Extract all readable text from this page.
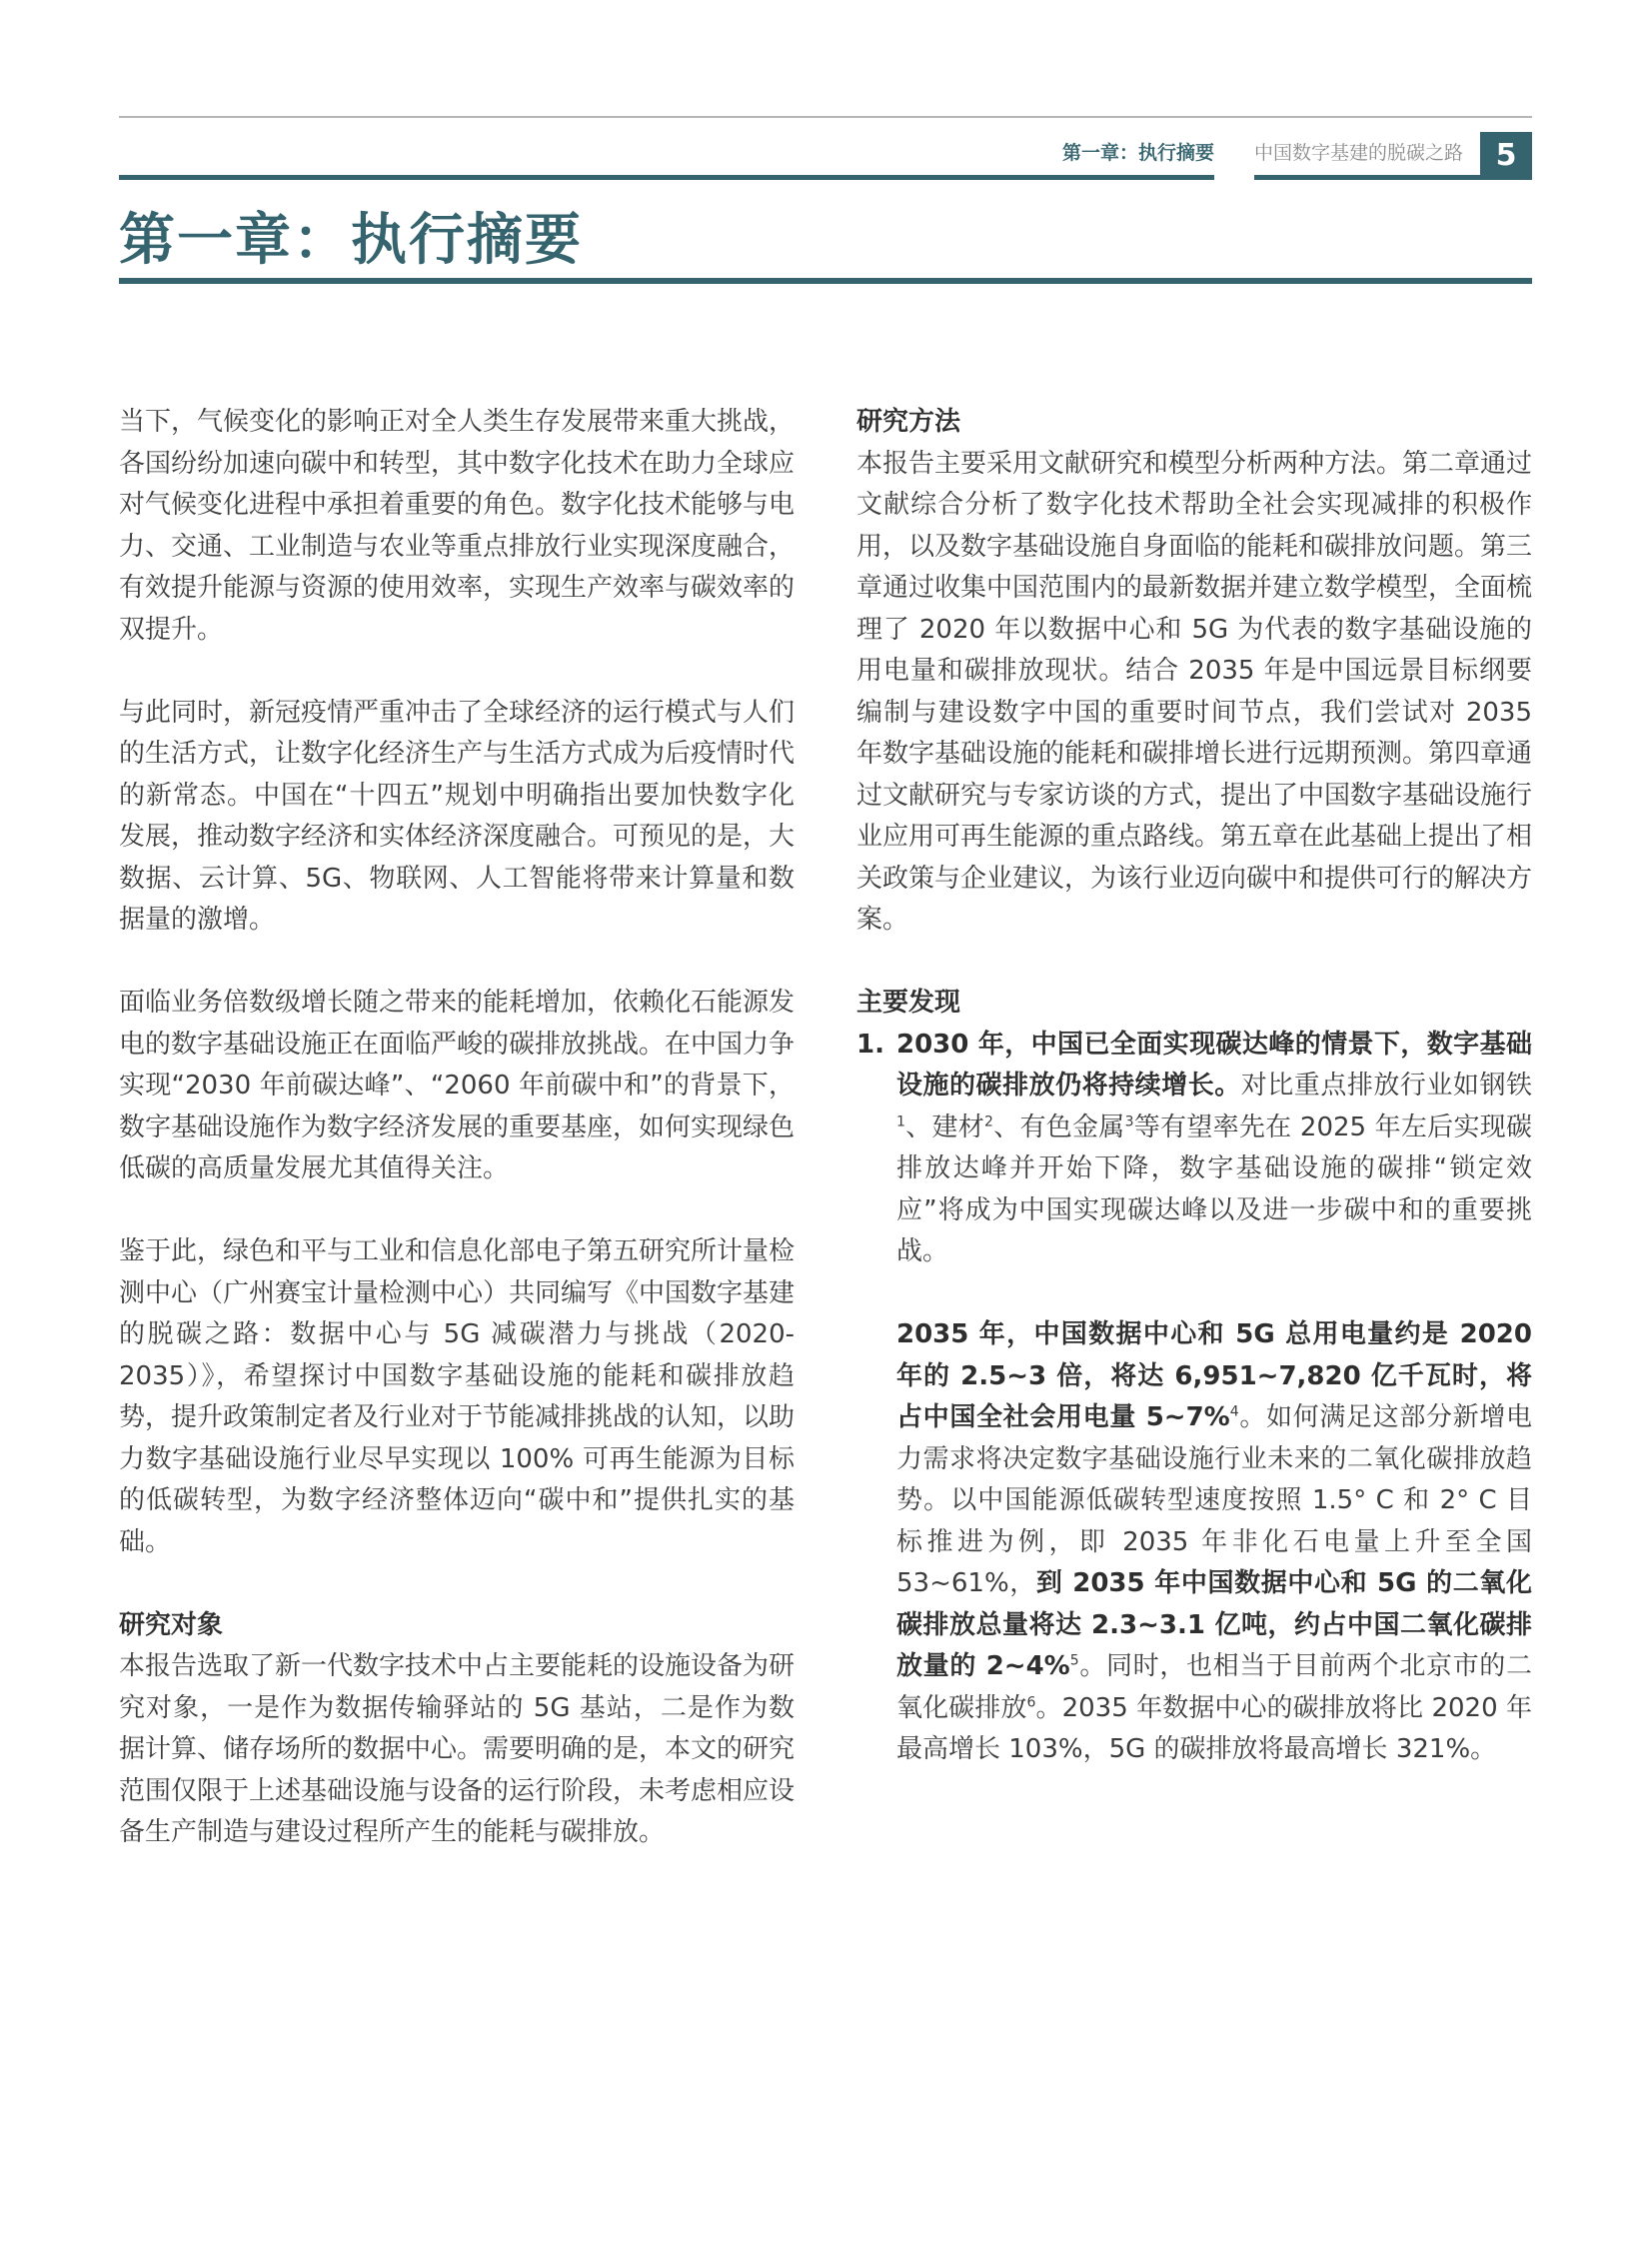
第一章：执行摘要 中国数字基建的脱碳之路	5
第一章：执行摘要

当下，气候变化的影响正对全人类生存发展带来重大挑战，各国纷纷加速向碳中和转型，其中数字化技术在助力全球应对气候变化进程中承担着重要的角色。数字化技术能够与电力、交通、工业制造与农业等重点排放行业实现深度融合，有效提升能源与资源的使用效率，实现生产效率与碳效率的双提升。

与此同时，新冠疫情严重冲击了全球经济的运行模式与人们的生活方式，让数字化经济生产与生活方式成为后疫情时代的新常态。中国在“十四五”规划中明确指出要加快数字化发展，推动数字经济和实体经济深度融合。可预见的是，大数据、云计算、5G、物联网、人工智能将带来计算量和数据量的激增。

面临业务倍数级增长随之带来的能耗增加，依赖化石能源发电的数字基础设施正在面临严峻的碳排放挑战。在中国力争实现“2030 年前碳达峰”、“2060 年前碳中和”的背景下，数字基础设施作为数字经济发展的重要基座，如何实现绿色低碳的高质量发展尤其值得关注。

鉴于此，绿色和平与工业和信息化部电子第五研究所计量检测中心（广州赛宝计量检测中心）共同编写《中国数字基建的脱碳之路：数据中心与 5G 减碳潜力与挑战（2020-2035）》，希望探讨中国数字基础设施的能耗和碳排放趋势，提升政策制定者及行业对于节能减排挑战的认知，以助力数字基础设施行业尽早实现以 100% 可再生能源为目标的低碳转型，为数字经济整体迈向“碳中和”提供扎实的基础。

研究对象

本报告选取了新一代数字技术中占主要能耗的设施设备为研究对象，一是作为数据传输驿站的 5G 基站，二是作为数据计算、储存场所的数据中心。需要明确的是，本文的研究范围仅限于上述基础设施与设备的运行阶段，未考虑相应设备生产制造与建设过程所产生的能耗与碳排放。

研究方法

本报告主要采用文献研究和模型分析两种方法。第二章通过文献综合分析了数字化技术帮助全社会实现减排的积极作用，以及数字基础设施自身面临的能耗和碳排放问题。第三章通过收集中国范围内的最新数据并建立数学模型，全面梳理了 2020 年以数据中心和 5G 为代表的数字基础设施的用电量和碳排放现状。结合 2035 年是中国远景目标纲要编制与建设数字中国的重要时间节点，我们尝试对 2035 年数字基础设施的能耗和碳排增长进行远期预测。第四章通过文献研究与专家访谈的方式，提出了中国数字基础设施行业应用可再生能源的重点路线。第五章在此基础上提出了相关政策与企业建议，为该行业迈向碳中和提供可行的解决方案。

主要发现
1. 2030 年，中国已全面实现碳达峰的情景下，数字基础设施的碳排放仍将持续增长。对比重点排放行业如钢铁$^1$、建材$^2$、有色金属$^3$等有望率先在 2025 年左后实现碳排放达峰并开始下降，数字基础设施的碳排“锁定效应”将成为中国实现碳达峰以及进一步碳中和的重要挑战。

2035 年，中国数据中心和 5G 总用电量约是 2020 年的 2.5~3 倍，将达 6,951~7,820 亿千瓦时，将占中国全社会用电量 5~7%$^4$。如何满足这部分新增电力需求将决定数字基础设施行业未来的二氧化碳排放趋势。以中国能源低碳转型速度按照 1.5° C 和 2° C 目标推进为例，即 2035 年非化石电量上升至全国 53~61%，到 2035 年中国数据中心和 5G 的二氧化碳排放总量将达 2.3~3.1 亿吨，约占中国二氧化碳排放量的 2~4%$^5$。同时，也相当于目前两个北京市的二氧化碳排放$^6$。2035 年数据中心的碳排放将比 2020 年最高增长 103%，5G 的碳排放将最高增长 321%。
